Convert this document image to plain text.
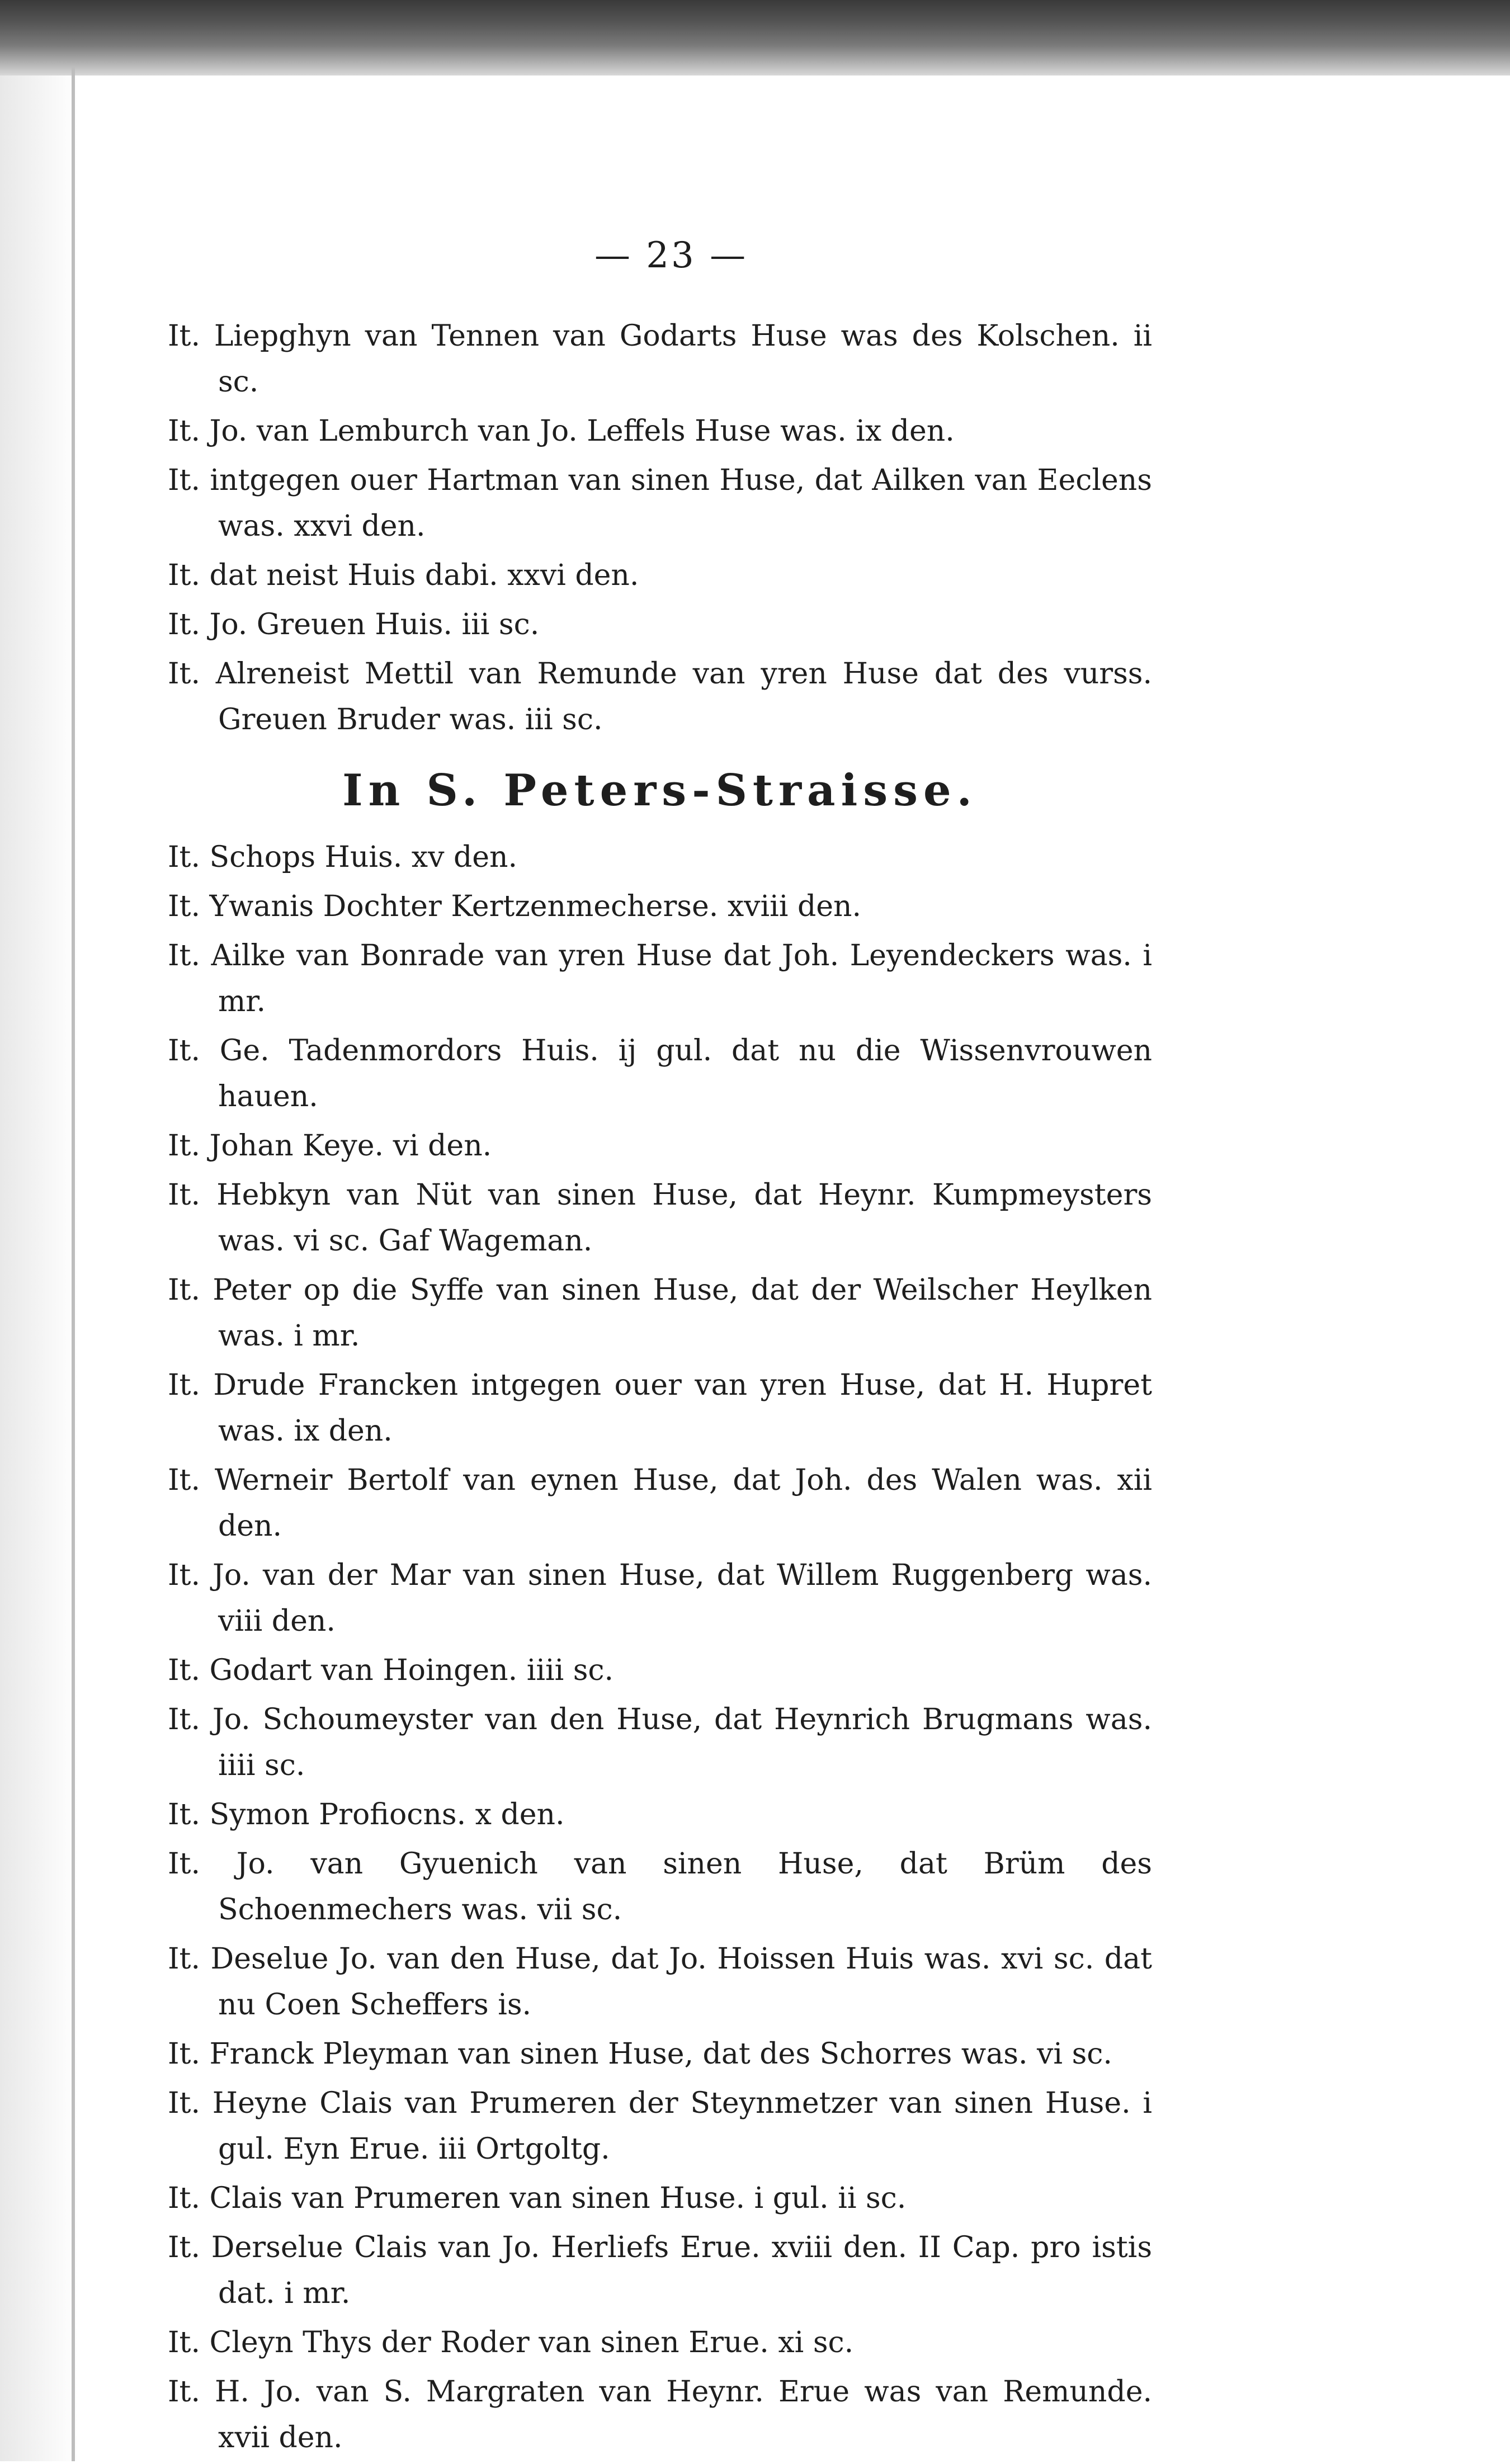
— 23 —

It. Liepghyn van Tennen van Godarts Huse was des Kolschen. ii sc.

It. Jo. van Lemburch van Jo. Leffels Huse was. ix den.

It. intgegen ouer Hartman van sinen Huse, dat Ailken van Eeclens was. xxvi den.

It. dat neist Huis dabi. xxvi den.

It. Jo. Greuen Huis. iii sc.

It. Alreneist Mettil van Remunde van yren Huse dat des vurss. Greuen Bruder was. iii sc.

In S. Peters-Straisse.

It. Schops Huis. xv den.

It. Ywanis Dochter Kertzenmecherse. xviii den.

It. Ailke van Bonrade van yren Huse dat Joh. Leyendeckers was. i mr.

It. Ge. Tadenmordors Huis. ij gul. dat nu die Wissenvrouwen hauen.

It. Johan Keye. vi den.

It. Hebkyn van Nüt van sinen Huse, dat Heynr. Kumpmeysters was. vi sc. Gaf Wageman.

It. Peter op die Syffe van sinen Huse, dat der Weilscher Heylken was. i mr.

It. Drude Francken intgegen ouer van yren Huse, dat H. Hupret was. ix den.

It. Werneir Bertolf van eynen Huse, dat Joh. des Walen was. xii den.

It. Jo. van der Mar van sinen Huse, dat Willem Ruggenberg was. viii den.

It. Godart van Hoingen. iiii sc.

It. Jo. Schoumeyster van den Huse, dat Heynrich Brugmans was. iiii sc.

It. Symon Profiocns. x den.

It. Jo. van Gyuenich van sinen Huse, dat Brüm des Schoenmechers was. vii sc.

It. Deselue Jo. van den Huse, dat Jo. Hoissen Huis was. xvi sc. dat nu Coen Scheffers is.

It. Franck Pleyman van sinen Huse, dat des Schorres was. vi sc.

It. Heyne Clais van Prumeren der Steynmetzer van sinen Huse. i gul. Eyn Erue. iii Ortgoltg.

It. Clais van Prumeren van sinen Huse. i gul. ii sc.

It. Derselue Clais van Jo. Herliefs Erue. xviii den. II Cap. pro istis dat. i mr.

It. Cleyn Thys der Roder van sinen Erue. xi sc.

It. H. Jo. van S. Margraten van Heynr. Erue was van Remunde. xvii den.
